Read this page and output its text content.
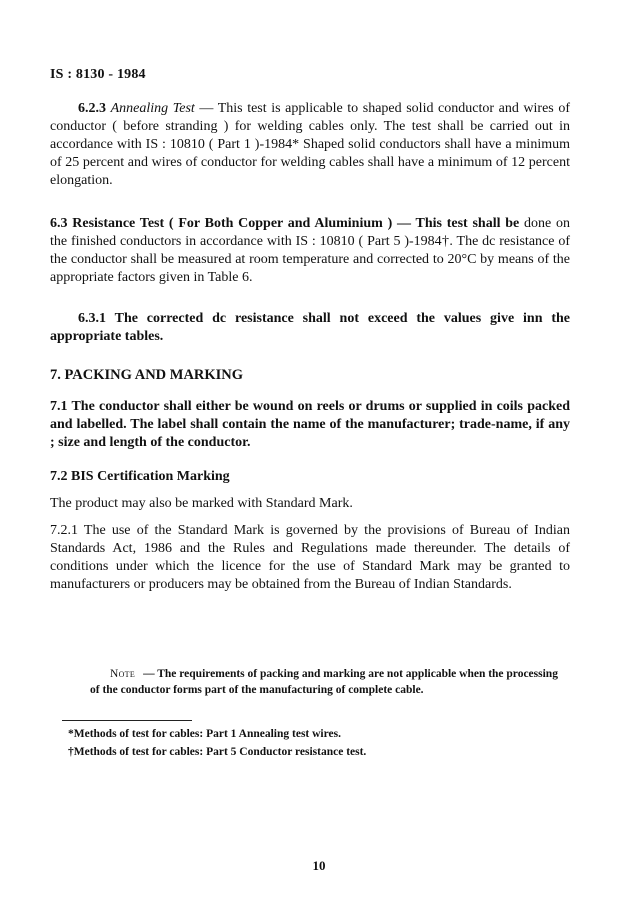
IS : 8130 - 1984

6.2.3 Annealing Test — This test is applicable to shaped solid conductor and wires of conductor ( before stranding ) for welding cables only. The test shall be carried out in accordance with IS : 10810 ( Part 1 )-1984* Shaped solid conductors shall have a minimum of 25 percent and wires of conductor for welding cables shall have a minimum of 12 percent elongation.

6.3 Resistance Test ( For Both Copper and Aluminium ) — This test shall be done on the finished conductors in accordance with IS : 10810 ( Part 5 )-1984†. The dc resistance of the conductor shall be measured at room temperature and corrected to 20°C by means of the appropriate factors given in Table 6.

6.3.1 The corrected dc resistance shall not exceed the values give inn the appropriate tables.

7. PACKING AND MARKING

7.1 The conductor shall either be wound on reels or drums or supplied in coils packed and labelled. The label shall contain the name of the manufacturer; trade-name, if any ; size and length of the conductor.

7.2 BIS Certification Marking

The product may also be marked with Standard Mark.

7.2.1 The use of the Standard Mark is governed by the provisions of Bureau of Indian Standards Act, 1986 and the Rules and Regulations made thereunder. The details of conditions under which the licence for the use of Standard Mark may be granted to manufacturers or producers may be obtained from the Bureau of Indian Standards.

Note — The requirements of packing and marking are not applicable when the processing of the conductor forms part of the manufacturing of complete cable.

*Methods of test for cables: Part 1 Annealing test wires.

†Methods of test for cables: Part 5 Conductor resistance test.

10
